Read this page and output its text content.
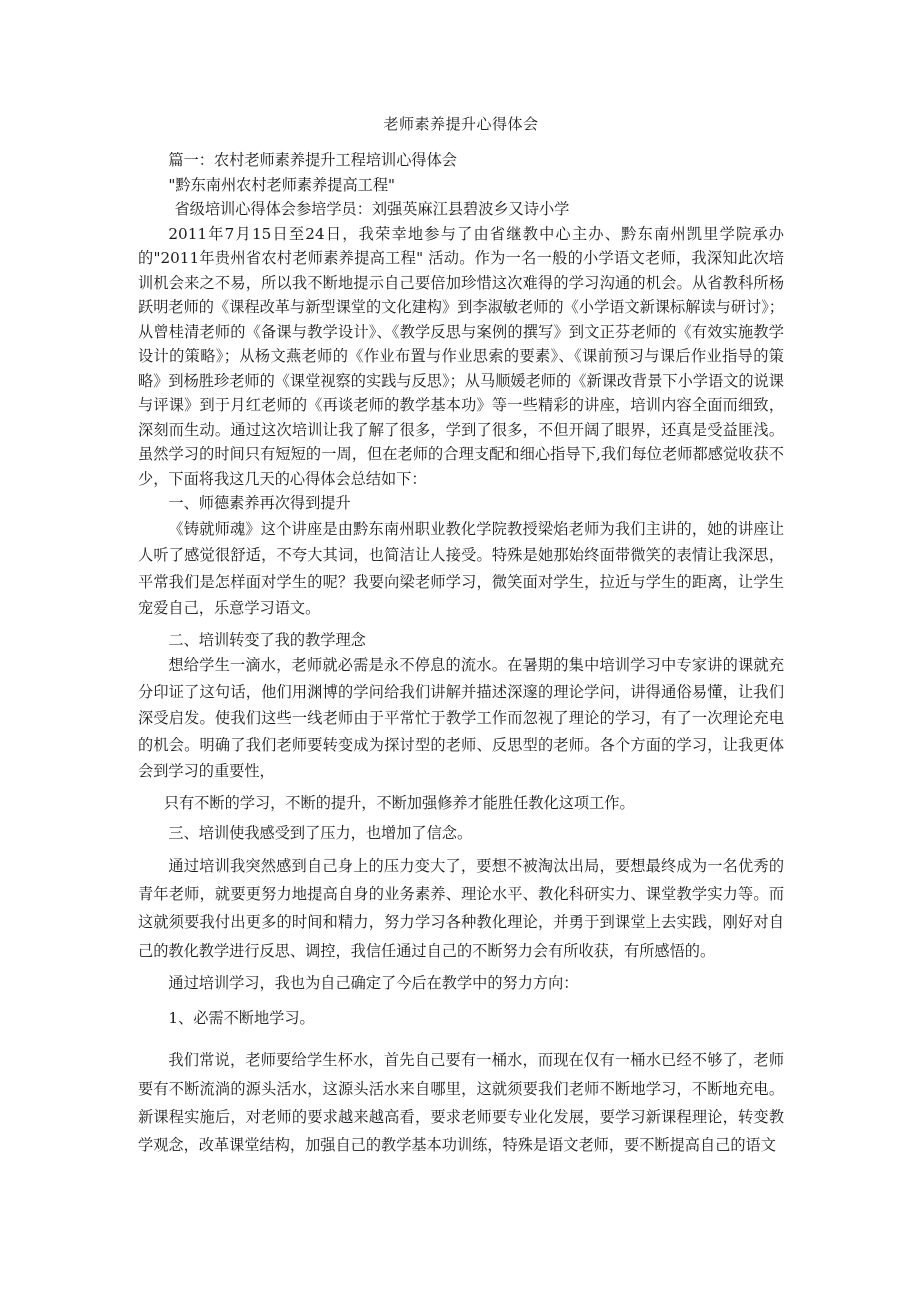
老师素养提升心得体会
篇一：农村老师素养提升工程培训心得体会
"黔东南州农村老师素养提高工程"
省级培训心得体会参培学员：刘强英麻江县碧波乡又诗小学
2011年7月15日至24日，我荣幸地参与了由省继教中心主办、黔东南州凯里学院承办的"2011年贵州省农村老师素养提高工程" 活动。作为一名一般的小学语文老师，我深知此次培训机会来之不易，所以我不断地提示自己要倍加珍惜这次难得的学习沟通的机会。从省教科所杨跃明老师的《课程改革与新型课堂的文化建构》到李淑敏老师的《小学语文新课标解读与研讨》；从曾桂清老师的《备课与教学设计》、《教学反思与案例的撰写》到文正芬老师的《有效实施教学设计的策略》；从杨文燕老师的《作业布置与作业思索的要素》、《课前预习与课后作业指导的策略》到杨胜珍老师的《课堂视察的实践与反思》；从马顺媛老师的《新课改背景下小学语文的说课与评课》到于月红老师的《再谈老师的教学基本功》等一些精彩的讲座，培训内容全面而细致，深刻而生动。通过这次培训让我了解了很多，学到了很多，不但开阔了眼界，还真是受益匪浅。虽然学习的时间只有短短的一周，但在老师的合理支配和细心指导下,我们每位老师都感觉收获不少，下面将我这几天的心得体会总结如下：
一、师德素养再次得到提升
《铸就师魂》这个讲座是由黔东南州职业教化学院教授梁焰老师为我们主讲的，她的讲座让人听了感觉很舒适，不夸大其词，也简洁让人接受。特殊是她那始终面带微笑的表情让我深思，平常我们是怎样面对学生的呢？我要向梁老师学习，微笑面对学生，拉近与学生的距离，让学生宠爱自己，乐意学习语文。
二、培训转变了我的教学理念
想给学生一滴水，老师就必需是永不停息的流水。在暑期的集中培训学习中专家讲的课就充分印证了这句话，他们用渊博的学问给我们讲解并描述深邃的理论学问，讲得通俗易懂，让我们深受启发。使我们这些一线老师由于平常忙于教学工作而忽视了理论的学习，有了一次理论充电的机会。明确了我们老师要转变成为探讨型的老师、反思型的老师。各个方面的学习，让我更体会到学习的重要性，
只有不断的学习，不断的提升，不断加强修养才能胜任教化这项工作。
三、培训使我感受到了压力，也增加了信念。
通过培训我突然感到自己身上的压力变大了，要想不被淘汰出局，要想最终成为一名优秀的青年老师，就要更努力地提高自身的业务素养、理论水平、教化科研实力、课堂教学实力等。而这就须要我付出更多的时间和精力，努力学习各种教化理论，并勇于到课堂上去实践，刚好对自己的教化教学进行反思、调控，我信任通过自己的不断努力会有所收获，有所感悟的。
通过培训学习，我也为自己确定了今后在教学中的努力方向：
1、必需不断地学习。
我们常说，老师要给学生杯水，首先自己要有一桶水，而现在仅有一桶水已经不够了，老师要有不断流淌的源头活水，这源头活水来自哪里，这就须要我们老师不断地学习，不断地充电。新课程实施后，对老师的要求越来越高看，要求老师要专业化发展，要学习新课程理论，转变教学观念，改革课堂结构，加强自己的教学基本功训练，特殊是语文老师，要不断提高自己的语文
